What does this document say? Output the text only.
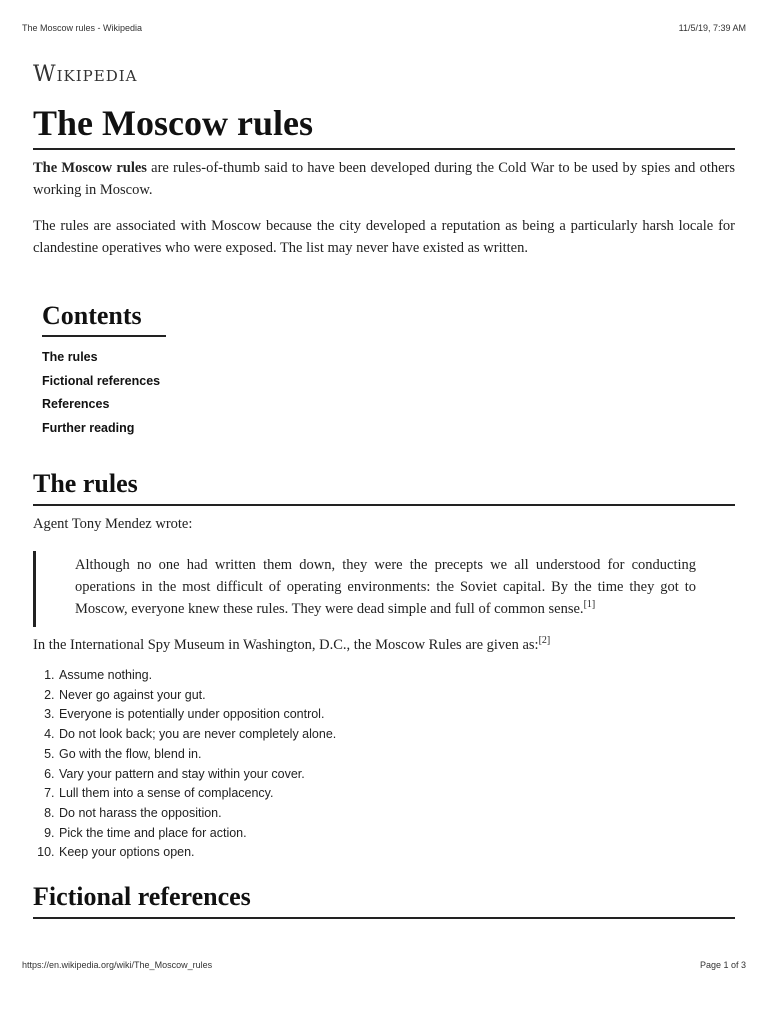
The Moscow rules - Wikipedia	11/5/19, 7:39 AM
Wikipedia
The Moscow rules

The Moscow rules are rules-of-thumb said to have been developed during the Cold War to be used by spies and others working in Moscow.

The rules are associated with Moscow because the city developed a reputation as being a particularly harsh locale for clandestine operatives who were exposed. The list may never have existed as written.

Contents
The rules
Fictional references
References
Further reading
The rules

Agent Tony Mendez wrote:

Although no one had written them down, they were the precepts we all understood for conducting operations in the most difficult of operating environments: the Soviet capital. By the time they got to Moscow, everyone knew these rules. They were dead simple and full of common sense.[1]

In the International Spy Museum in Washington, D.C., the Moscow Rules are given as:[2]

1. Assume nothing.
2. Never go against your gut.
3. Everyone is potentially under opposition control.
4. Do not look back; you are never completely alone.
5. Go with the flow, blend in.
6. Vary your pattern and stay within your cover.
7. Lull them into a sense of complacency.
8. Do not harass the opposition.
9. Pick the time and place for action.
10. Keep your options open.
Fictional references
https://en.wikipedia.org/wiki/The_Moscow_rules	Page 1 of 3
